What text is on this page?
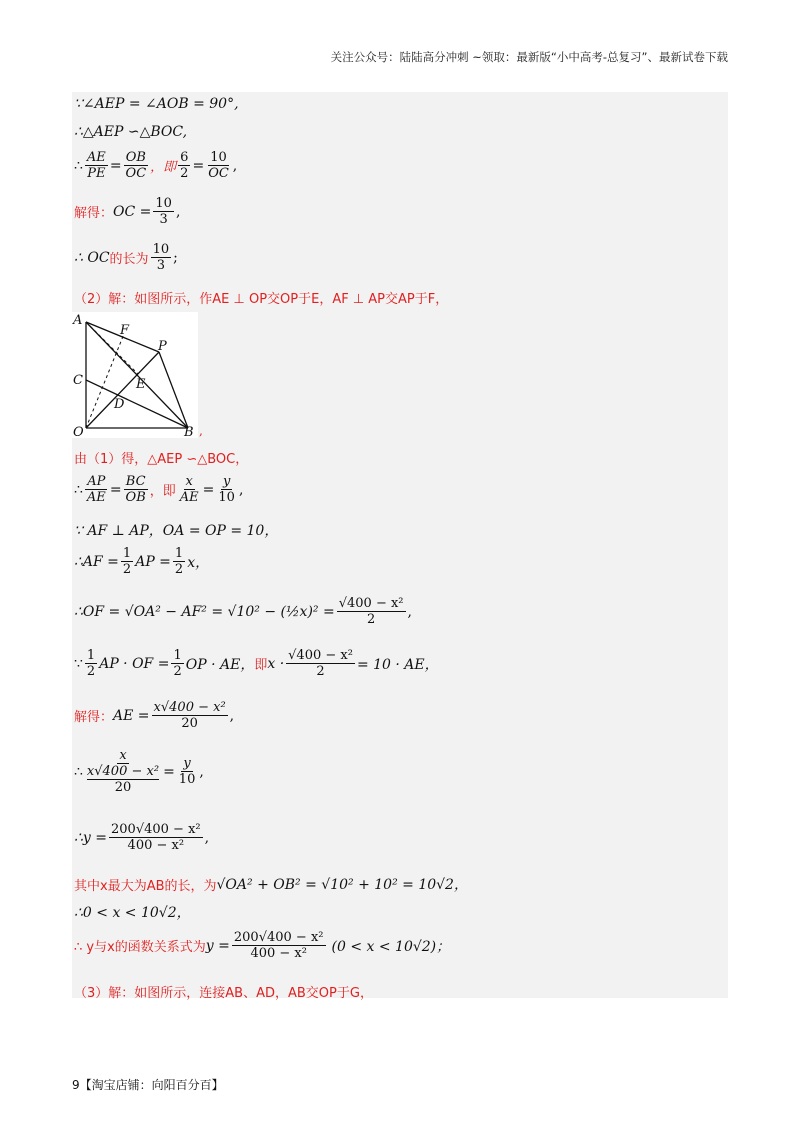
关注公众号：陆陆高分冲刺 ~领取：最新版“小中高考-总复习”、最新试卷下载
∵∠AEP = ∠AOB = 90°,
∴△AEP ∽△BOC,
∴ $\frac{AE}{PE} = \frac{OB}{OC}$ ，即 $\frac{6}{2} = \frac{10}{OC}$ ,
解得： OC = $\frac{10}{3}$ ,
∴ OC 的长为 $\frac{10}{3}$ ;
（2）解：如图所示，作AE ⊥ OP交OP于E，AF ⊥ AP交AP于F，
A
F
P
C	E
D
O	B ,
由（1）得，△AEP ∽△BOC，
∴ $\frac{AP}{AE} = \frac{BC}{OB}$ ，即 $\frac{x}{AE} = \frac{y}{10}$ ,
∵ AF ⊥ AP，OA = OP = 10，
∴AF = $\frac{1}{2}$ AP = $\frac{1}{2}$ x，
∴OF = √OA² − AF² = √10² − (½x)² = $\frac{\text{√400 − x²}}{2}$ ,
∵ $\frac{1}{2}$ AP · OF = $\frac{1}{2}$ OP · AE， 即 $x \cdot \frac{\text{√400 − x²}}{2} = 10$ · AE，
解得： AE = $\frac{\text{x√400 − x²}}{20}$ ,
∴ x
x√400 − x²
$20 = \frac{y}{10}$ ,
∴y = $\frac{\text{200√400 − x²}}{\text{400 − x²}}$ ,
其中x最大为AB的长，为 √OA² + OB² = √10² + 10² = 10√2，
∴0 < x < 10√2，
∴ y与x的函数关系式为 $y = \frac{\text{200√400 − x²}}{\text{400 − x²}} (0 < x < 10√2)$；
（3）解：如图所示，连接AB、AD，AB交OP于G，
9【淘宝店铺：向阳百分百】
